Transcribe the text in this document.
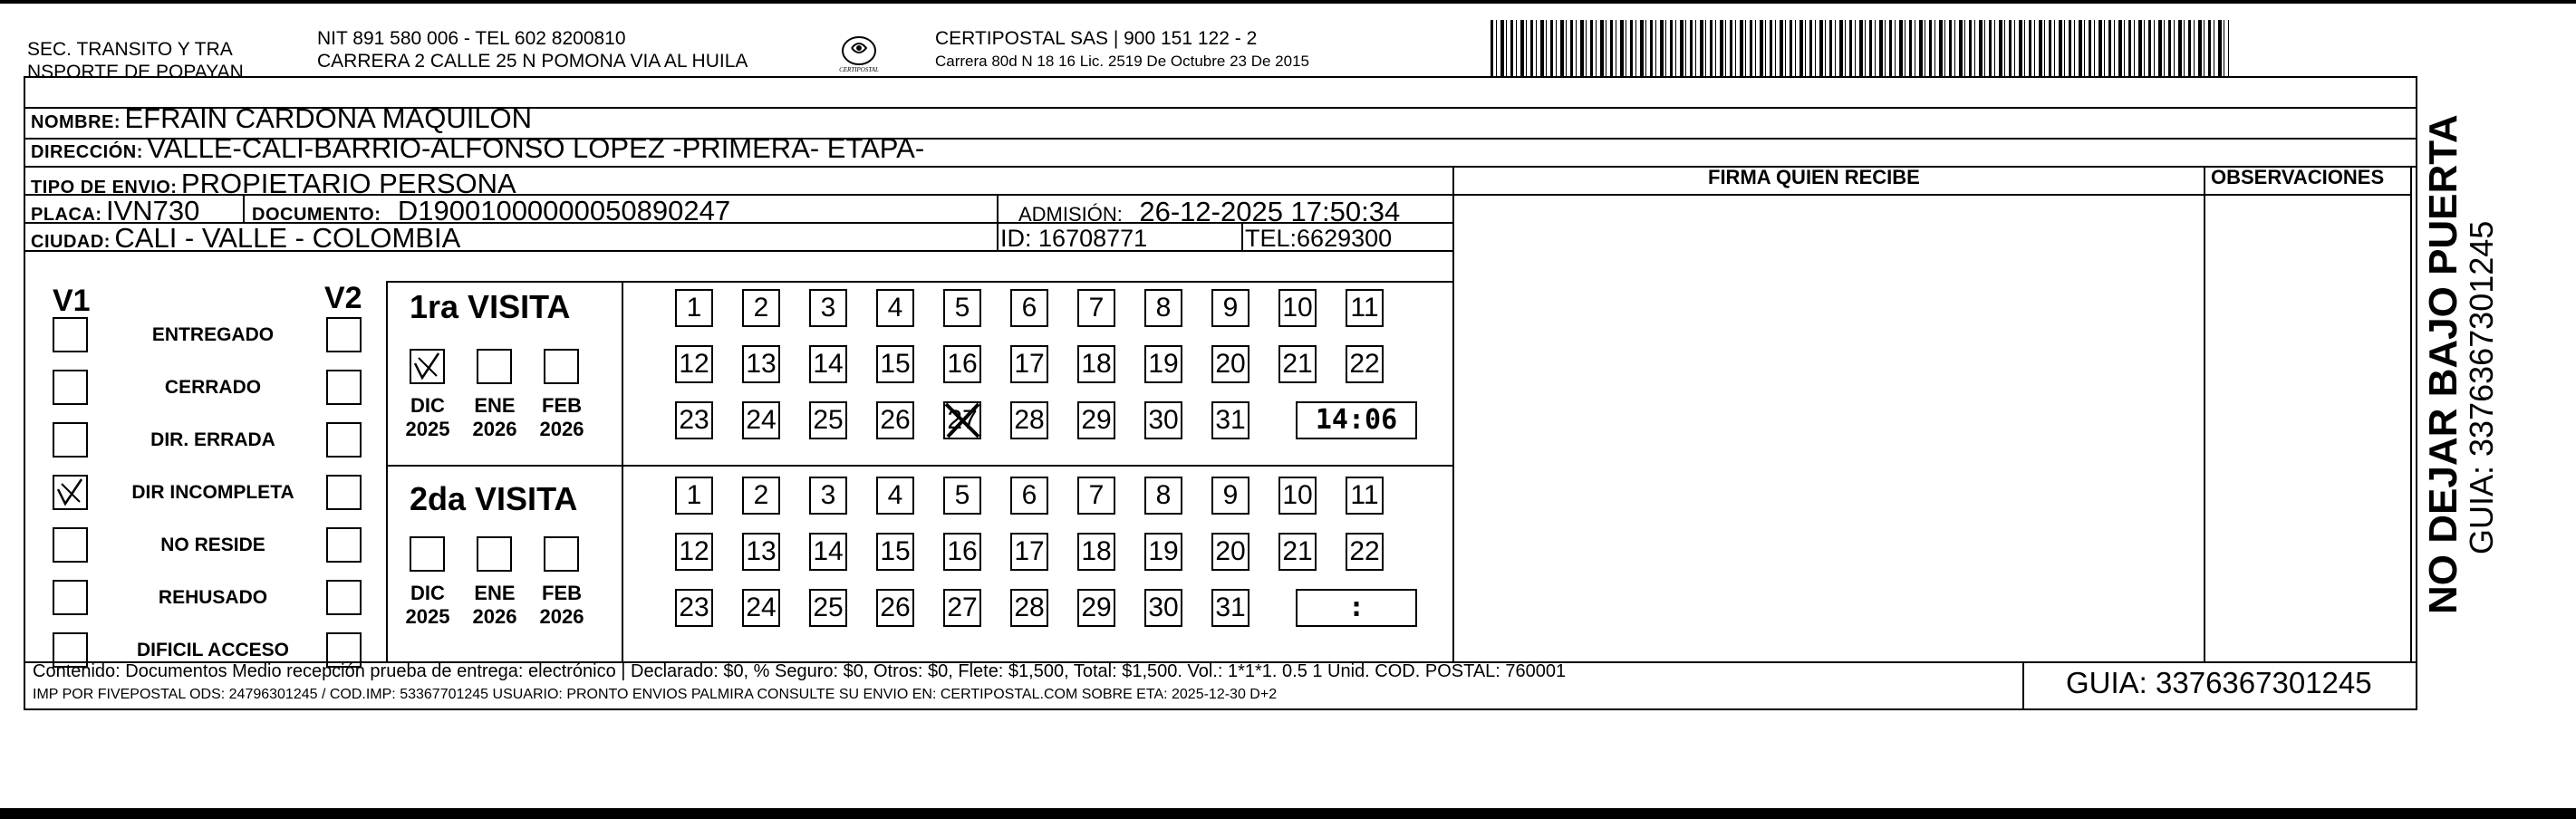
SEC. TRANSITO Y TRA
NSPORTE DE POPAYAN
NIT 891 580 006 - TEL 602 8200810
CARRERA 2 CALLE 25 N POMONA VIA AL HUILA	CERTIPOSTAL
CERTIPOSTAL SAS | 900 151 122 - 2
Carrera 80d N 18 16 Lic. 2519 De Octubre 23 De 2015
NOMBRE: EFRAIN CARDONA MAQUILON
DIRECCIÓN: VALLE-CALI-BARRIO-ALFONSO LOPEZ -PRIMERA- ETAPA-
TIPO DE ENVIO: PROPIETARIO PERSONA
PLACA: IVN730	DOCUMENTO: D19001000000050890247	ADMISIÓN: 26-12-2025 17:50:34
CIUDAD: CALI - VALLE - COLOMBIA	ID: 16708771	TEL:6629300
FIRMA QUIEN RECIBE	OBSERVACIONES
V1	V2
ENTREGADO
CERRADO
DIR. ERRADA
DIR INCOMPLETA
NO RESIDE
REHUSADO
DIFICIL ACCESO
1ra VISITA
2da VISITA
DIC
2025
ENE
2026
FEB
2026
1	2	3	4	5	6	7	8	9	10 11
12 13 14 15 16 17 18 19 20 21 22
23 24 25 26 27 28 29 30 31	14:06
DIC
2025
ENE
2026
FEB
2026
1	2	3	4	5	6	7	8	9	10 11
12 13 14 15 16 17 18 19 20 21 22
23 24 25 26 27 28 29 30 31	:
Contenido: Documentos Medio recepción prueba de entrega: electrónico | Declarado: $0, % Seguro: $0, Otros: $0, Flete: $1,500, Total: $1,500. Vol.: 1*1*1. 0.5 1 Unid. COD. POSTAL: 760001
IMP POR FIVEPOSTAL ODS: 24796301245 / COD.IMP: 53367701245 USUARIO: PRONTO ENVIOS PALMIRA CONSULTE SU ENVIO EN: CERTIPOSTAL.COM SOBRE ETA: 2025-12-30 D+2	GUIA: 3376367301245
NO DEJAR BAJO PUERTA
GUIA: 3376367301245
